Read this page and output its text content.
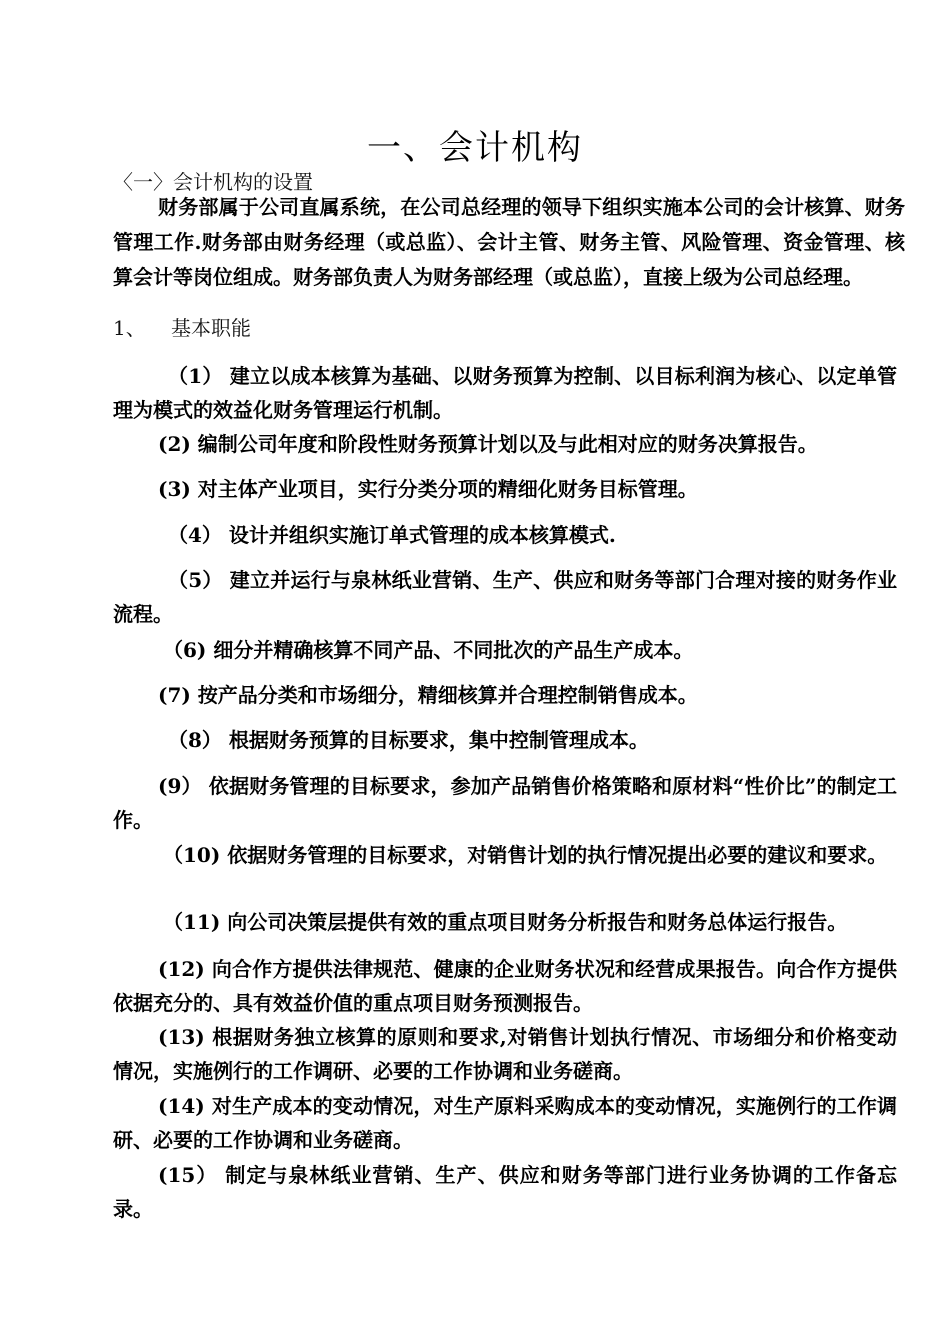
一、会计机构
〈一〉会计机构的设置
财务部属于公司直属系统，在公司总经理的领导下组织实施本公司的会计核算、财务管理工作.财务部由财务经理（或总监）、会计主管、财务主管、风险管理、资金管理、核算会计等岗位组成。财务部负责人为财务部经理（或总监），直接上级为公司总经理。
1、 基本职能
（1） 建立以成本核算为基础、以财务预算为控制、以目标利润为核心、以定单管理为模式的效益化财务管理运行机制。
(2) 编制公司年度和阶段性财务预算计划以及与此相对应的财务决算报告。
(3) 对主体产业项目，实行分类分项的精细化财务目标管理。
（4） 设计并组织实施订单式管理的成本核算模式.
（5） 建立并运行与泉林纸业营销、生产、供应和财务等部门合理对接的财务作业流程。
（6) 细分并精确核算不同产品、不同批次的产品生产成本。
(7) 按产品分类和市场细分，精细核算并合理控制销售成本。
（8） 根据财务预算的目标要求，集中控制管理成本。
(9） 依据财务管理的目标要求，参加产品销售价格策略和原材料“性价比”的制定工作。
（10) 依据财务管理的目标要求，对销售计划的执行情况提出必要的建议和要求。
（11) 向公司决策层提供有效的重点项目财务分析报告和财务总体运行报告。
(12) 向合作方提供法律规范、健康的企业财务状况和经营成果报告。向合作方提供依据充分的、具有效益价值的重点项目财务预测报告。
(13) 根据财务独立核算的原则和要求,对销售计划执行情况、市场细分和价格变动情况，实施例行的工作调研、必要的工作协调和业务磋商。
(14) 对生产成本的变动情况，对生产原料采购成本的变动情况，实施例行的工作调研、必要的工作协调和业务磋商。
(15） 制定与泉林纸业营销、生产、供应和财务等部门进行业务协调的工作备忘录。
